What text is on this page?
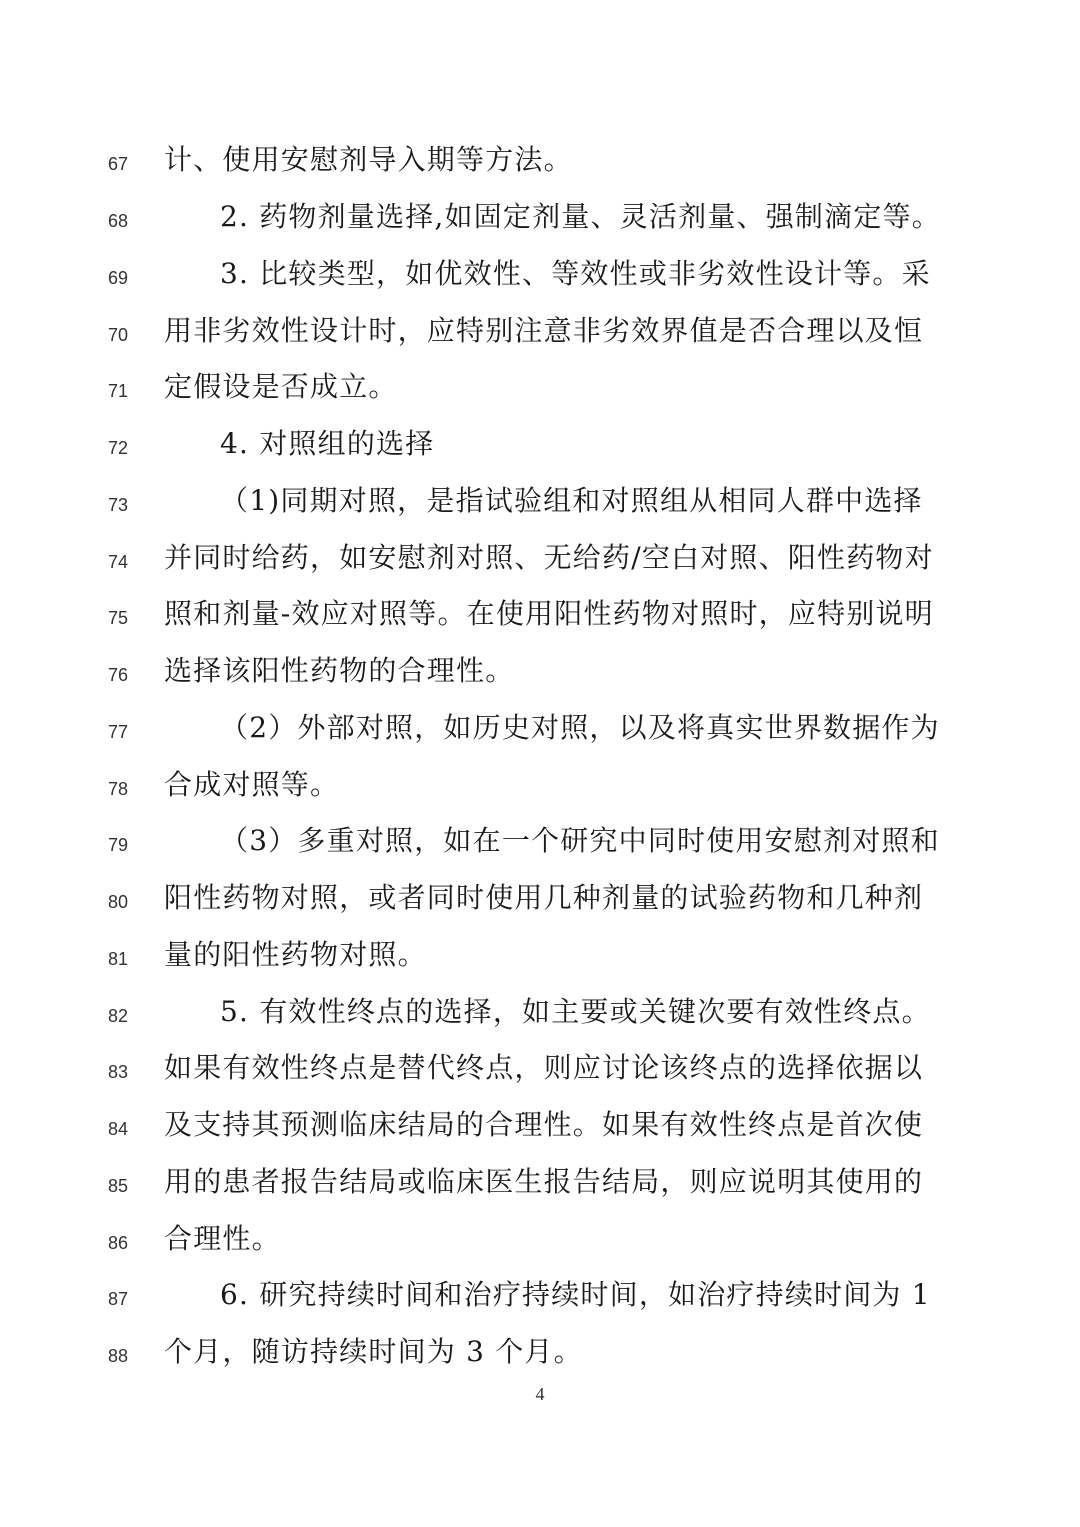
67 计、使用安慰剂导入期等方法。
68	2. 药物剂量选择,如固定剂量、灵活剂量、强制滴定等。
69	3. 比较类型，如优效性、等效性或非劣效性设计等。采
70 用非劣效性设计时，应特别注意非劣效界值是否合理以及恒
71 定假设是否成立。
72	4. 对照组的选择
73	（1)同期对照，是指试验组和对照组从相同人群中选择
74 并同时给药，如安慰剂对照、无给药/空白对照、阳性药物对
75 照和剂量-效应对照等。在使用阳性药物对照时，应特别说明
76 选择该阳性药物的合理性。
77	（2）外部对照，如历史对照，以及将真实世界数据作为
78 合成对照等。
79	（3）多重对照，如在一个研究中同时使用安慰剂对照和
80 阳性药物对照，或者同时使用几种剂量的试验药物和几种剂
81 量的阳性药物对照。
82	5. 有效性终点的选择，如主要或关键次要有效性终点。
83 如果有效性终点是替代终点，则应讨论该终点的选择依据以
84 及支持其预测临床结局的合理性。如果有效性终点是首次使
85 用的患者报告结局或临床医生报告结局，则应说明其使用的
86 合理性。
87	6. 研究持续时间和治疗持续时间，如治疗持续时间为 1
88 个月，随访持续时间为 3 个月。
4
